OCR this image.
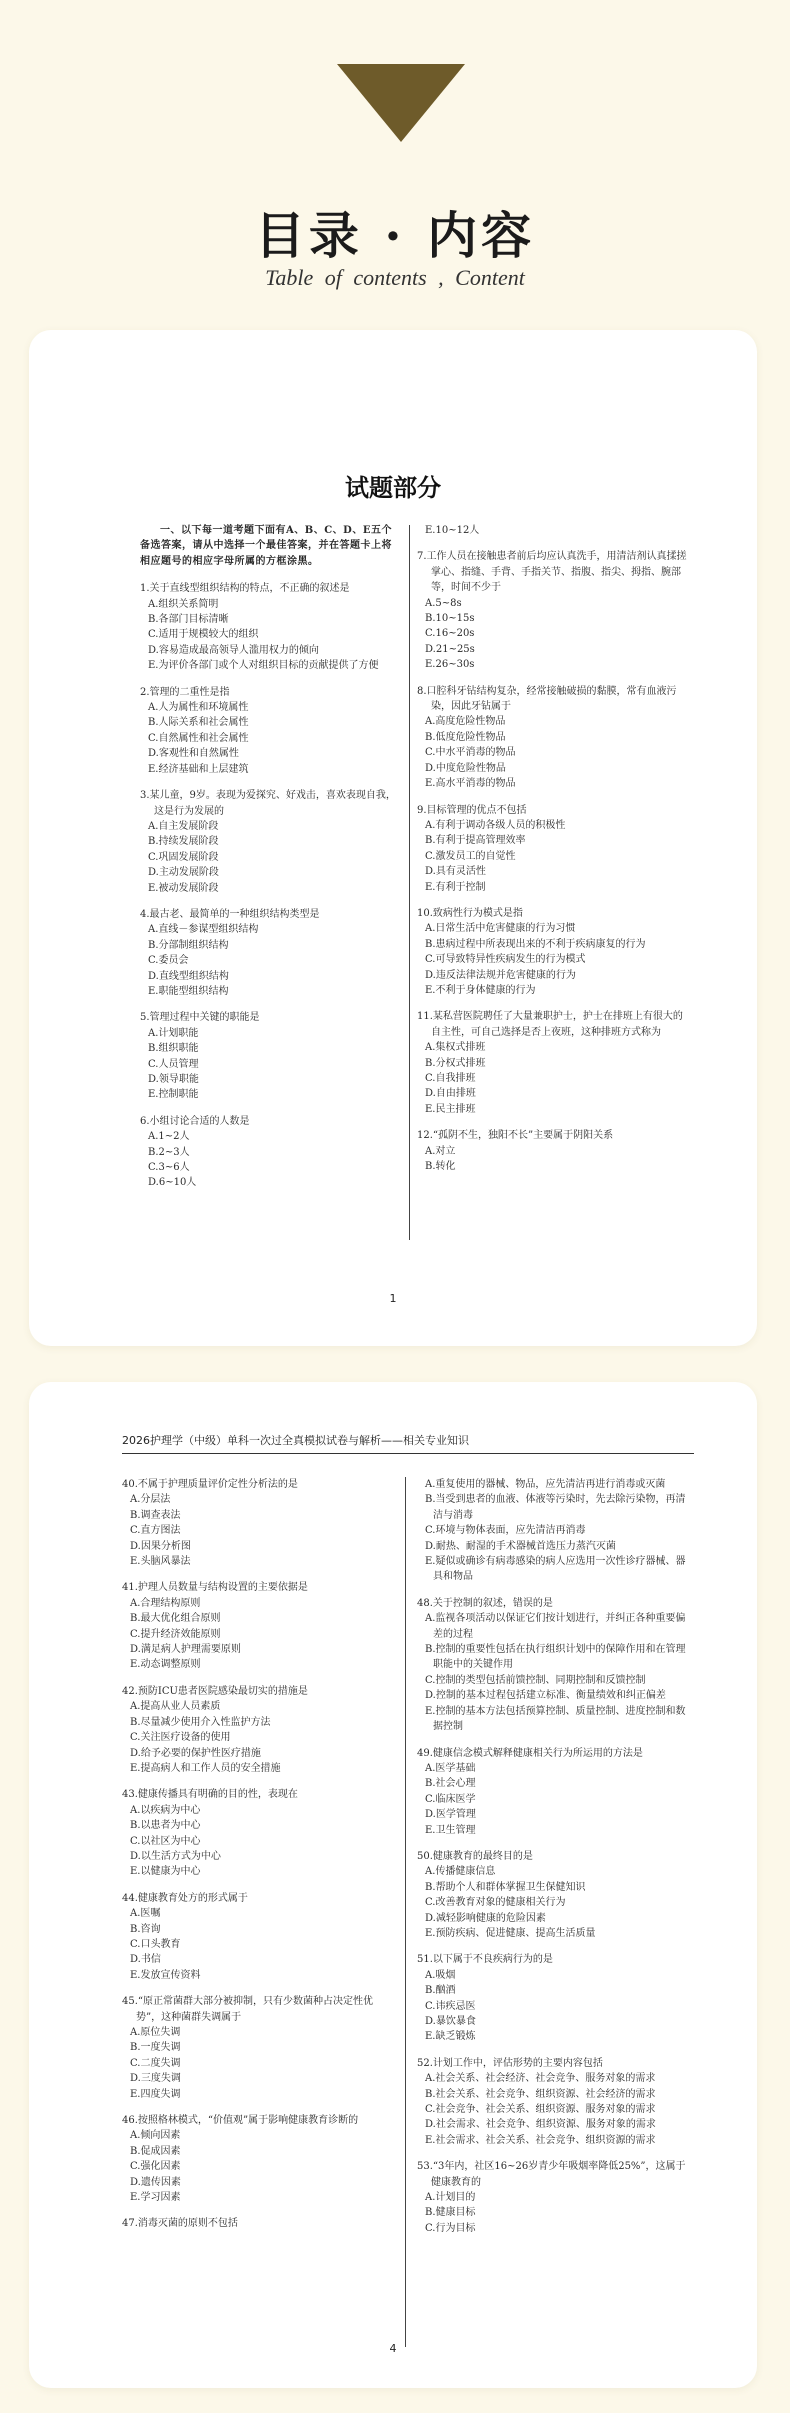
目录 · 内容
Table of contents , Content
试题部分
一、以下每一道考题下面有A、B、C、D、E五个备选答案，请从中选择一个最佳答案，并在答题卡上将相应题号的相应字母所属的方框涂黑。
1.关于直线型组织结构的特点，不正确的叙述是
A.组织关系简明
B.各部门目标清晰
C.适用于规模较大的组织
D.容易造成最高领导人滥用权力的倾向
E.为评价各部门或个人对组织目标的贡献提供了方便
2.管理的二重性是指
A.人为属性和环境属性
B.人际关系和社会属性
C.自然属性和社会属性
D.客观性和自然属性
E.经济基础和上层建筑
3.某儿童，9岁。表现为爱探究、好戏击，喜欢表现自我，这是行为发展的
A.自主发展阶段
B.持续发展阶段
C.巩固发展阶段
D.主动发展阶段
E.被动发展阶段
4.最古老、最简单的一种组织结构类型是
A.直线－参谋型组织结构
B.分部制组织结构
C.委员会
D.直线型组织结构
E.职能型组织结构
5.管理过程中关键的职能是
A.计划职能
B.组织职能
C.人员管理
D.领导职能
E.控制职能
6.小组讨论合适的人数是
A.1~2人
B.2~3人
C.3~6人
D.6~10人
E.10~12人
7.工作人员在接触患者前后均应认真洗手，用清洁剂认真揉搓掌心、指缝、手背、手指关节、指腹、指尖、拇指、腕部等，时间不少于
A.5~8s
B.10~15s
C.16~20s
D.21~25s
E.26~30s
8.口腔科牙钻结构复杂，经常接触破损的黏膜，常有血液污染，因此牙钻属于
A.高度危险性物品
B.低度危险性物品
C.中水平消毒的物品
D.中度危险性物品
E.高水平消毒的物品
9.目标管理的优点不包括
A.有利于调动各级人员的积极性
B.有利于提高管理效率
C.激发员工的自觉性
D.具有灵活性
E.有利于控制
10.致病性行为模式是指
A.日常生活中危害健康的行为习惯
B.患病过程中所表现出来的不利于疾病康复的行为
C.可导致特异性疾病发生的行为模式
D.违反法律法规并危害健康的行为
E.不利于身体健康的行为
11.某私营医院聘任了大量兼职护士，护士在排班上有很大的自主性，可自己选择是否上夜班，这种排班方式称为
A.集权式排班
B.分权式排班
C.自我排班
D.自由排班
E.民主排班
12.“孤阴不生，独阳不长”主要属于阴阳关系
A.对立
B.转化
1
2026护理学（中级）单科一次过全真模拟试卷与解析——相关专业知识
40.不属于护理质量评价定性分析法的是
A.分层法
B.调查表法
C.直方图法
D.因果分析图
E.头脑风暴法
41.护理人员数量与结构设置的主要依据是
A.合理结构原则
B.最大优化组合原则
C.提升经济效能原则
D.满足病人护理需要原则
E.动态调整原则
42.预防ICU患者医院感染最切实的措施是
A.提高从业人员素质
B.尽量减少使用介入性监护方法
C.关注医疗设备的使用
D.给予必要的保护性医疗措施
E.提高病人和工作人员的安全措施
43.健康传播具有明确的目的性，表现在
A.以疾病为中心
B.以患者为中心
C.以社区为中心
D.以生活方式为中心
E.以健康为中心
44.健康教育处方的形式属于
A.医嘱
B.咨询
C.口头教育
D.书信
E.发放宣传资料
45.“原正常菌群大部分被抑制，只有少数菌种占决定性优势”，这种菌群失调属于
A.原位失调
B.一度失调
C.二度失调
D.三度失调
E.四度失调
46.按照格林模式，“价值观”属于影响健康教育诊断的
A.倾向因素
B.促成因素
C.强化因素
D.遗传因素
E.学习因素
47.消毒灭菌的原则不包括
A.重复使用的器械、物品，应先清洁再进行消毒或灭菌
B.当受到患者的血液、体液等污染时，先去除污染物，再清洁与消毒
C.环境与物体表面，应先清洁再消毒
D.耐热、耐湿的手术器械首选压力蒸汽灭菌
E.疑似或确诊有病毒感染的病人应选用一次性诊疗器械、器具和物品
48.关于控制的叙述，错误的是
A.监视各项活动以保证它们按计划进行，并纠正各种重要偏差的过程
B.控制的重要性包括在执行组织计划中的保障作用和在管理职能中的关键作用
C.控制的类型包括前馈控制、同期控制和反馈控制
D.控制的基本过程包括建立标准、衡量绩效和纠正偏差
E.控制的基本方法包括预算控制、质量控制、进度控制和数据控制
49.健康信念模式解释健康相关行为所运用的方法是
A.医学基础
B.社会心理
C.临床医学
D.医学管理
E.卫生管理
50.健康教育的最终目的是
A.传播健康信息
B.帮助个人和群体掌握卫生保健知识
C.改善教育对象的健康相关行为
D.减轻影响健康的危险因素
E.预防疾病、促进健康、提高生活质量
51.以下属于不良疾病行为的是
A.吸烟
B.酗酒
C.讳疾忌医
D.暴饮暴食
E.缺乏锻炼
52.计划工作中，评估形势的主要内容包括
A.社会关系、社会经济、社会竞争、服务对象的需求
B.社会关系、社会竞争、组织资源、社会经济的需求
C.社会竞争、社会关系、组织资源、服务对象的需求
D.社会需求、社会竞争、组织资源、服务对象的需求
E.社会需求、社会关系、社会竞争、组织资源的需求
53.“3年内，社区16~26岁青少年吸烟率降低25%”，这属于健康教育的
A.计划目的
B.健康目标
C.行为目标
4
